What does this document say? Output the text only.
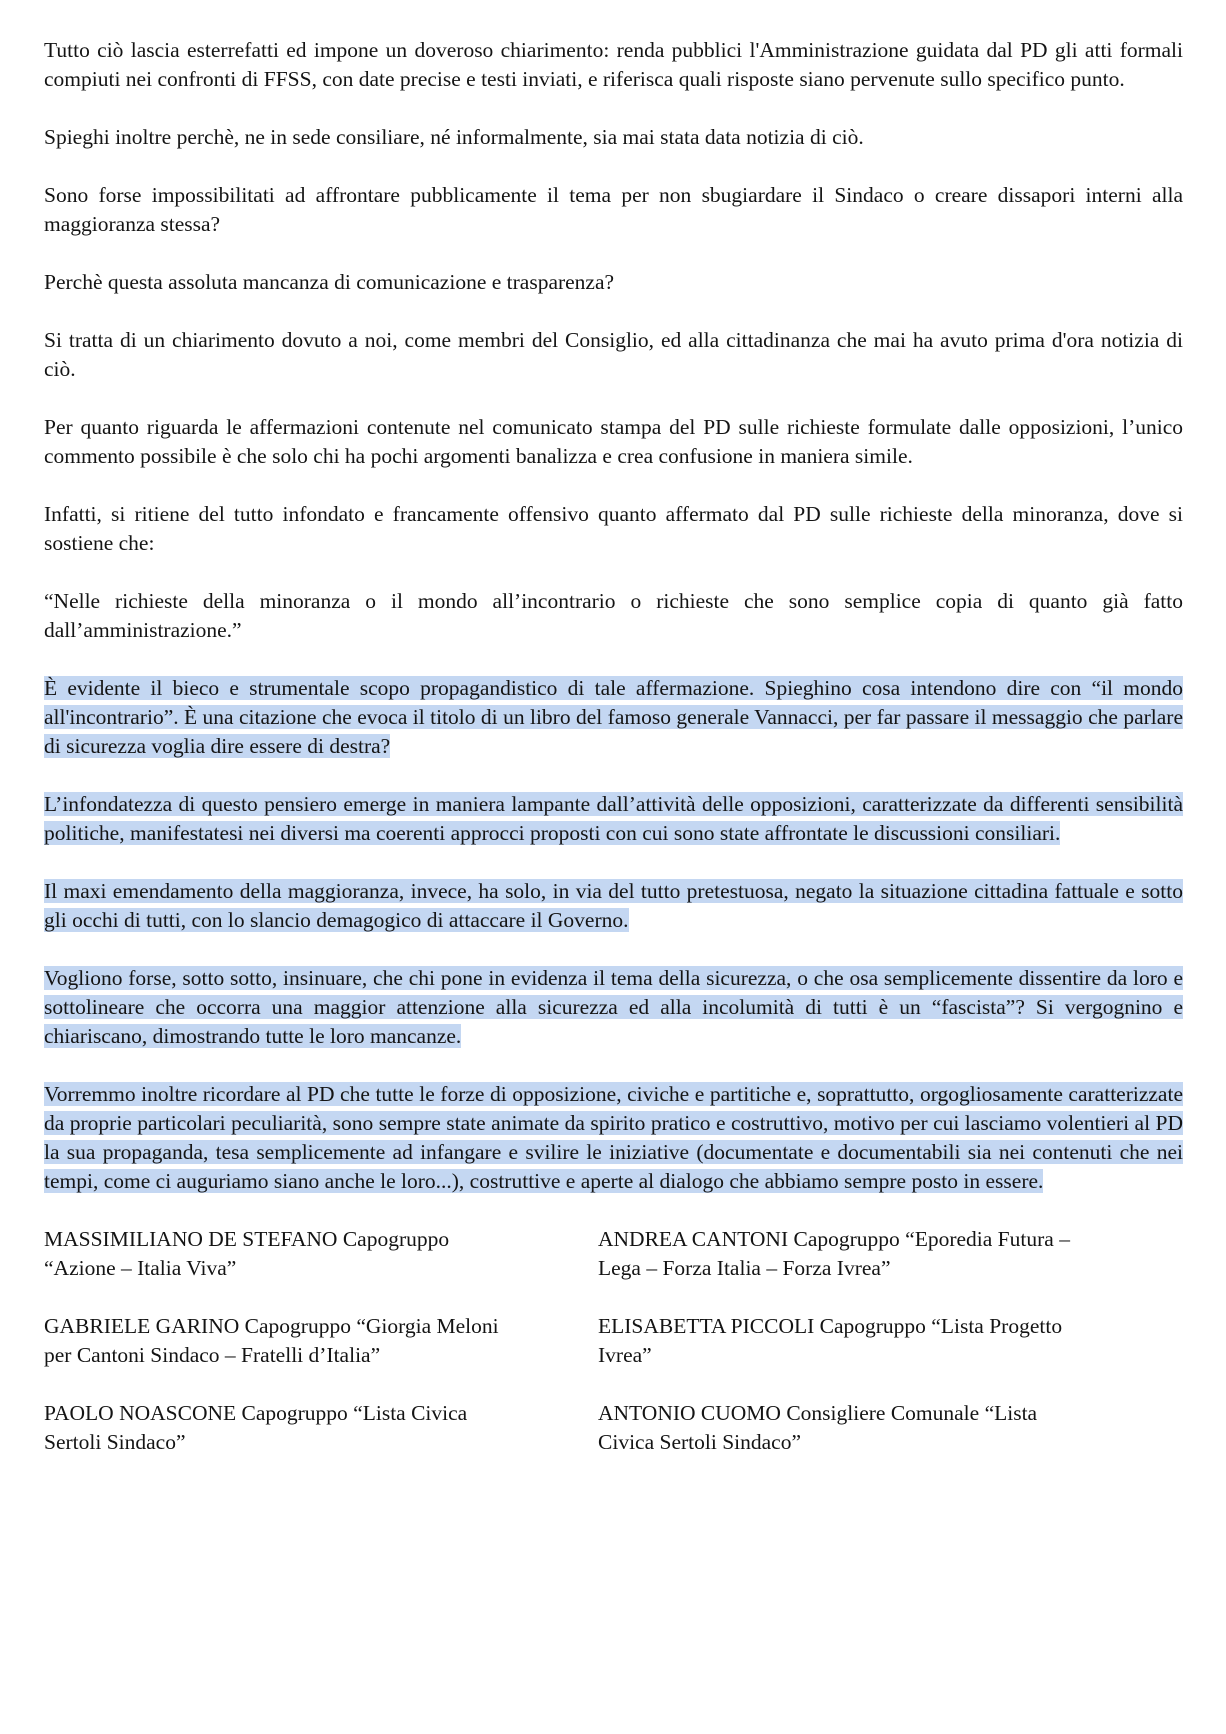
Tutto ciò lascia esterrefatti ed impone un doveroso chiarimento: renda pubblici l'Amministrazione guidata dal PD gli atti formali compiuti nei confronti di FFSS, con date precise e testi inviati, e riferisca quali risposte siano pervenute sullo specifico punto.

Spieghi inoltre perchè, ne in sede consiliare, né informalmente, sia mai stata data notizia di ciò.

Sono forse impossibilitati ad affrontare pubblicamente il tema per non sbugiardare il Sindaco o creare dissapori interni alla maggioranza stessa?

Perchè questa assoluta mancanza di comunicazione e trasparenza?

Si tratta di un chiarimento dovuto a noi, come membri del Consiglio, ed alla cittadinanza che mai ha avuto prima d'ora notizia di ciò.

Per quanto riguarda le affermazioni contenute nel comunicato stampa del PD sulle richieste formulate dalle opposizioni, l’unico commento possibile è che solo chi ha pochi argomenti banalizza e crea confusione in maniera simile.

Infatti, si ritiene del tutto infondato e francamente offensivo quanto affermato dal PD sulle richieste della minoranza, dove si sostiene che:

“Nelle richieste della minoranza o il mondo all’incontrario o richieste che sono semplice copia di quanto già fatto dall’amministrazione.”

È evidente il bieco e strumentale scopo propagandistico di tale affermazione. Spieghino cosa intendono dire con “il mondo all'incontrario”. È una citazione che evoca il titolo di un libro del famoso generale Vannacci, per far passare il messaggio che parlare di sicurezza voglia dire essere di destra?

L’infondatezza di questo pensiero emerge in maniera lampante dall’attività delle opposizioni, caratterizzate da differenti sensibilità politiche, manifestatesi nei diversi ma coerenti approcci proposti con cui sono state affrontate le discussioni consiliari.

Il maxi emendamento della maggioranza, invece, ha solo, in via del tutto pretestuosa, negato la situazione cittadina fattuale e sotto gli occhi di tutti, con lo slancio demagogico di attaccare il Governo.

Vogliono forse, sotto sotto, insinuare, che chi pone in evidenza il tema della sicurezza, o che osa semplicemente dissentire da loro e sottolineare che occorra una maggior attenzione alla sicurezza ed alla incolumità di tutti è un “fascista”? Si vergognino e chiariscano, dimostrando tutte le loro mancanze.

Vorremmo inoltre ricordare al PD che tutte le forze di opposizione, civiche e partitiche e, soprattutto, orgogliosamente caratterizzate da proprie particolari peculiarità, sono sempre state animate da spirito pratico e costruttivo, motivo per cui lasciamo volentieri al PD la sua propaganda, tesa semplicemente ad infangare e svilire le iniziative (documentate e documentabili sia nei contenuti che nei tempi, come ci auguriamo siano anche le loro...), costruttive e aperte al dialogo che abbiamo sempre posto in essere.

MASSIMILIANO DE STEFANO Capogruppo
“Azione – Italia Viva”
GABRIELE GARINO Capogruppo “Giorgia Meloni
per Cantoni Sindaco – Fratelli d’Italia”
PAOLO NOASCONE Capogruppo “Lista Civica
Sertoli Sindaco”
ANDREA CANTONI Capogruppo “Eporedia Futura –
Lega – Forza Italia – Forza Ivrea”
ELISABETTA PICCOLI Capogruppo “Lista Progetto
Ivrea”
ANTONIO CUOMO Consigliere Comunale “Lista
Civica Sertoli Sindaco”
